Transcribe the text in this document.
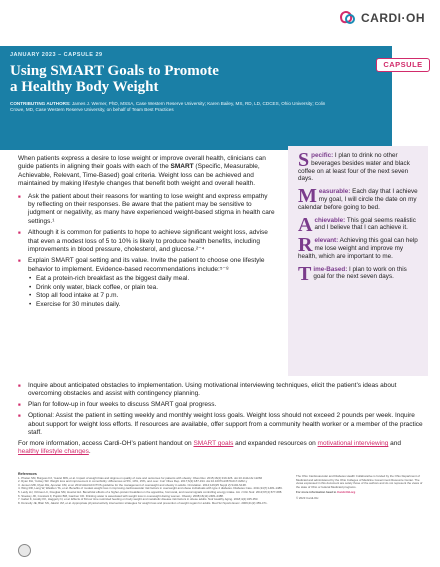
CARDI·OH
JANUARY 2023 – CAPSULE 29
Using SMART Goals to Promote
a Healthy Body Weight
CONTRIBUTING AUTHORS: James J. Werner, PhD, MSSA, Case Western Reserve University; Karen Bailey, MS, RD, LD, CDCES, Ohio University; Colin Crowe, MD, Case Western Reserve University, on behalf of Team Best Practices
CAPSULE

When patients express a desire to lose weight or improve overall health, clinicians can guide patients in aligning their goals with each of the SMART (Specific, Measurable, Achievable, Relevant, Time-Based) goal criteria. Weight loss can be achieved and maintained by making lifestyle changes that benefit both weight and overall health.

■ Ask the patient about their reasons for wanting to lose weight and express empathy by reflecting on their responses. Be aware that the patient may be sensitive to judgment or negativity, as many have experienced weight-based stigma in health care settings.¹
■ Although it is common for patients to hope to achieve significant weight loss, advise that even a modest loss of 5 to 10% is likely to produce health benefits, including improvements in blood pressure, cholesterol, and glucose.²⁻⁴
■ Explain SMART goal setting and its value. Invite the patient to choose one lifestyle behavior to implement. Evidence-based recommendations include:⁵⁻⁸
• Eat a protein-rich breakfast as the biggest daily meal.
• Drink only water, black coffee, or plain tea.
• Stop all food intake at 7 p.m.
• Exercise for 30 minutes daily.
Specific: I plan to drink no other beverages besides water and black coffee on at least four of the next seven days.
Measurable: Each day that I achieve my goal, I will circle the date on my calendar before going to bed.
Achievable: This goal seems realistic and I believe that I can achieve it.
Relevant: Achieving this goal can help me lose weight and improve my health, which are important to me.
Time-Based: I plan to work on this goal for the next seven days.
■ Inquire about anticipated obstacles to implementation. Using motivational interviewing techniques, elicit the patient’s ideas about overcoming obstacles and assist with contingency planning.
■ Plan for follow-up in four weeks to discuss SMART goal progress.
■ Optional: Assist the patient in setting weekly and monthly weight loss goals. Weight loss should not exceed 2 pounds per week. Inquire about support for weight loss efforts. If resources are available, offer support from a community health worker or a member of the practice staff.

For more information, access Cardi-OH’s patient handout on SMART goals and expanded resources on motivational interviewing and healthy lifestyle changes.

References
1. Phelan SM, Burgess DJ, Yeazel MW, et al. Impact of weight bias and stigma on quality of care and outcomes for patients with obesity. Obes Rev. 2015;16(4):319-326. doi:10.1111/obr.12266
2. Ryan DH, Yockey SR. Weight loss and improvement in comorbidity: differences at 5%, 10%, 15%, and over. Curr Obes Rep. 2017;6(2):187-194. doi:10.1007/s13679-017-0262-y
3. Jensen MD, Ryan DH, Apovian CM, et al. 2013 AHA/ACC/TOS guideline for the management of overweight and obesity in adults. Circulation. 2014;129(25 Suppl 2):S102-S138.
4. Wing RR, Lang W, Wadden TA, et al. Benefits of modest weight loss in improving cardiovascular risk factors in overweight and obese individuals with type 2 diabetes. Diabetes Care. 2011;34(7):1481-1486.
5. Leidy HJ, Ortinau LC, Douglas SM, Hoertel HA. Beneficial effects of a higher-protein breakfast on the appetitive, hormonal, and neural signals controlling energy intake. Am J Clin Nutr. 2013;97(4):677-688.
6. Stookey JD, Constant F, Popkin BM, Gardner CD. Drinking water is associated with weight loss in overweight dieting women. Obesity. 2008;16(11):2481-2488.
7. Gabel K, Hoddy KK, Haggerty N, et al. Effects of 8-hour time restricted feeding on body weight and metabolic disease risk factors in obese adults. Nutr Healthy Aging. 2018;4(4):345-353.
8. Donnelly JE, Blair SN, Jakicic JM, et al. Appropriate physical activity intervention strategies for weight loss and prevention of weight regain for adults. Med Sci Sports Exerc. 2009;41(2):459-471.
The Ohio Cardiovascular and Diabetes Health Collaborative is funded by the Ohio Department of Medicaid and administered by the Ohio Colleges of Medicine Government Resource Center. The views expressed in this document are solely those of the authors and do not represent the views of the state of Ohio or federal Medicaid programs.
For more information head to Cardi-OH.org
© 2023 Cardi-OH
